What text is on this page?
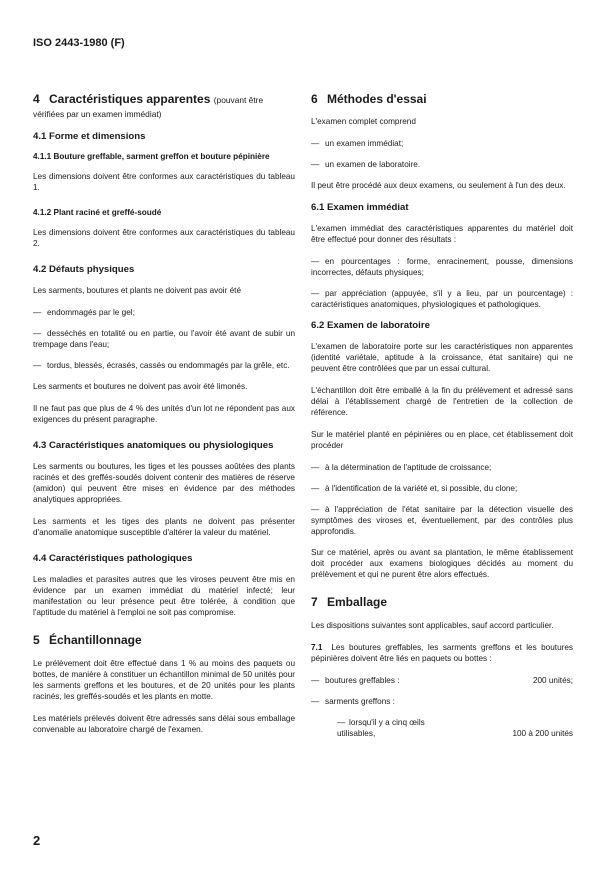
ISO 2443-1980 (F)
4 Caractéristiques apparentes (pouvant être vérifiées par un examen immédiat)
4.1 Forme et dimensions
4.1.1 Bouture greffable, sarment greffon et bouture pépinière
Les dimensions doivent être conformes aux caractéristiques du tableau 1.
4.1.2 Plant raciné et greffé-soudé
Les dimensions doivent être conformes aux caractéristiques du tableau 2.
4.2 Défauts physiques
Les sarments, boutures et plants ne doivent pas avoir été
— endommagés par le gel;
— desséchés en totalité ou en partie, ou l'avoir été avant de subir un trempage dans l'eau;
— tordus, blessés, écrasés, cassés ou endommagés par la grêle, etc.
Les sarments et boutures ne doivent pas avoir été limonés.
Il ne faut pas que plus de 4 % des unités d'un lot ne répondent pas aux exigences du présent paragraphe.
4.3 Caractéristiques anatomiques ou physiologiques
Les sarments ou boutures, les tiges et les pousses aoûtées des plants racinés et des greffés-soudés doivent contenir des matières de réserve (amidon) qui peuvent être mises en évidence par des méthodes analytiques appropriées.
Les sarments et les tiges des plants ne doivent pas présenter d'anomalie anatomique susceptible d'altérer la valeur du matériel.
4.4 Caractéristiques pathologiques
Les maladies et parasites autres que les viroses peuvent être mis en évidence par un examen immédiat du matériel infecté; leur manifestation ou leur présence peut être tolérée, à condition que l'aptitude du matériel à l'emploi ne soit pas compromise.
5 Échantillonnage
Le prélèvement doit être effectué dans 1 % au moins des paquets ou bottes, de manière à constituer un échantillon minimal de 50 unités pour les sarments greffons et les boutures, et de 20 unités pour les plants racinés, les greffés-soudés et les plants en motte.
Les matériels prélevés doivent être adressés sans délai sous emballage convenable au laboratoire chargé de l'examen.
6 Méthodes d'essai
L'examen complet comprend
— un examen immédiat;
— un examen de laboratoire.
Il peut être procédé aux deux examens, ou seulement à l'un des deux.
6.1 Examen immédiat
L'examen immédiat des caractéristiques apparentes du matériel doit être effectué pour donner des résultats :
— en pourcentages : forme, enracinement, pousse, dimensions incorrectes, défauts physiques;
— par appréciation (appuyée, s'il y a lieu, par un pourcentage) : caractéristiques anatomiques, physiologiques et pathologiques.
6.2 Examen de laboratoire
L'examen de laboratoire porte sur les caractéristiques non apparentes (identité variétale, aptitude à la croissance, état sanitaire) qui ne peuvent être contrôlées que par un essai cultural.
L'échantillon doit être emballé à la fin du prélèvement et adressé sans délai à l'établissement chargé de l'entretien de la collection de référence.
Sur le matériel planté en pépinières ou en place, cet établissement doit procéder
— à la détermination de l'aptitude de croissance;
— à l'identification de la variété et, si possible, du clone;
— à l'appréciation de l'état sanitaire par la détection visuelle des symptômes des viroses et, éventuellement, par des contrôles plus approfondis.
Sur ce matériel, après ou avant sa plantation, le même établissement doit procéder aux examens biologiques décidés au moment du prélèvement et qui ne purent être alors effectués.
7 Emballage
Les dispositions suivantes sont applicables, sauf accord particulier.
7.1 Les boutures greffables, les sarments greffons et les boutures pépinières doivent être liés en paquets ou bottes :
— boutures greffables :	200 unités;
— sarments greffons :
— lorsqu'il y a cinq œils
utilisables,	100 à 200 unités
2
